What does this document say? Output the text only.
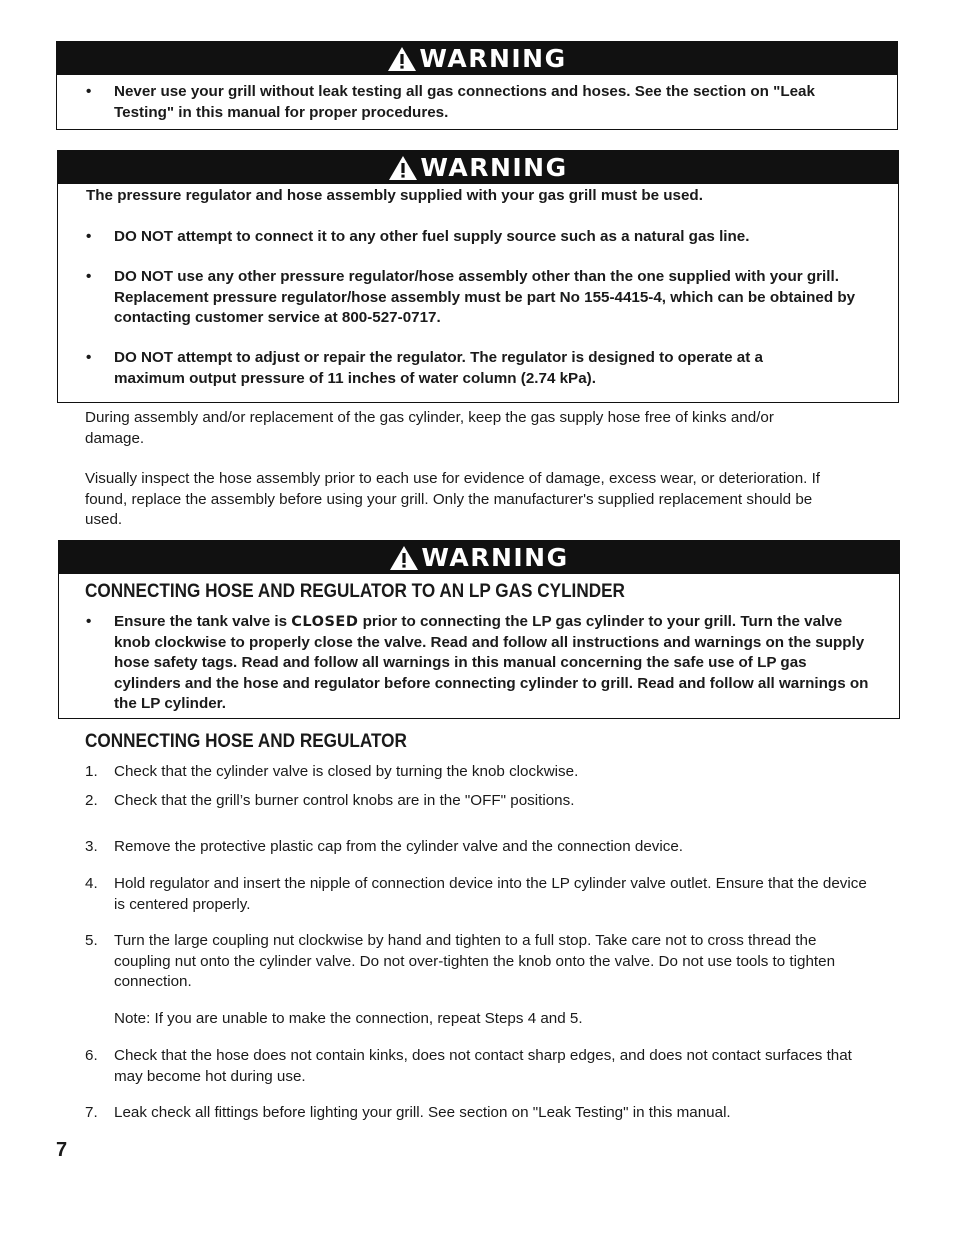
WARNING
• Never use your grill without leak testing all gas connections and hoses. See the section on "Leak Testing" in this manual for proper procedures.
WARNING
The pressure regulator and hose assembly supplied with your gas grill must be used.
• DO NOT attempt to connect it to any other fuel supply source such as a natural gas line.
• DO NOT use any other pressure regulator/hose assembly other than the one supplied with your grill. Replacement pressure regulator/hose assembly must be part No 155-4415-4, which can be obtained by contacting customer service at 800-527-0717.
• DO NOT attempt to adjust or repair the regulator. The regulator is designed to operate at a maximum output pressure of 11 inches of water column (2.74 kPa).
During assembly and/or replacement of the gas cylinder, keep the gas supply hose free of kinks and/or damage.
Visually inspect the hose assembly prior to each use for evidence of damage, excess wear, or deterioration. If found, replace the assembly before using your grill. Only the manufacturer's supplied replacement should be used.
WARNING
CONNECTING HOSE AND REGULATOR TO AN LP GAS CYLINDER
• Ensure the tank valve is CLOSED prior to connecting the LP gas cylinder to your grill. Turn the valve knob clockwise to properly close the valve. Read and follow all instructions and warnings on the supply hose safety tags. Read and follow all warnings in this manual concerning the safe use of LP gas cylinders and the hose and regulator before connecting cylinder to grill. Read and follow all warnings on the LP cylinder.
CONNECTING HOSE AND REGULATOR
1. Check that the cylinder valve is closed by turning the knob clockwise.
2. Check that the grill’s burner control knobs are in the "OFF" positions.
3. Remove the protective plastic cap from the cylinder valve and the connection device.
4. Hold regulator and insert the nipple of connection device into the LP cylinder valve outlet. Ensure that the device is centered properly.
5. Turn the large coupling nut clockwise by hand and tighten to a full stop. Take care not to cross thread the coupling nut onto the cylinder valve. Do not over-tighten the knob onto the valve. Do not use tools to tighten connection.
Note: If you are unable to make the connection, repeat Steps 4 and 5.
6. Check that the hose does not contain kinks, does not contact sharp edges, and does not contact surfaces that may become hot during use.
7. Leak check all fittings before lighting your grill. See section on "Leak Testing" in this manual.
7
